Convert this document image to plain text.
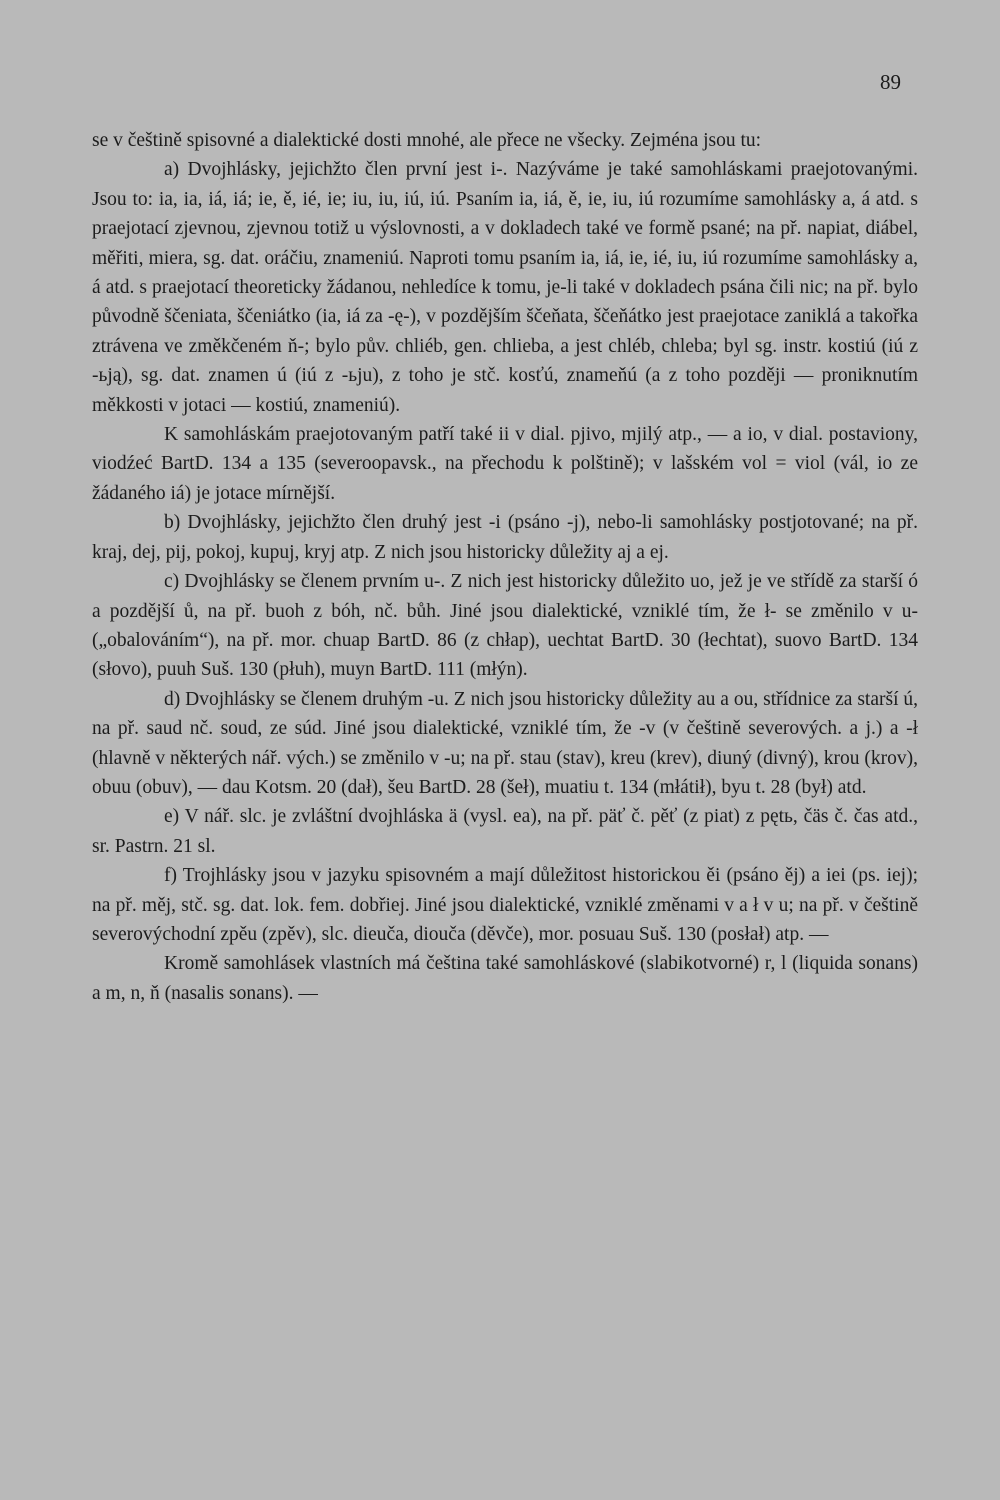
89

se v češtině spisovné a dialektické dosti mnohé, ale přece ne všecky. Zejména jsou tu:

a) Dvojhlásky, jejichžto člen první jest i-. Nazýváme je také samohláskami praejotovanými. Jsou to: ia, ia, iá, iá; ie, ě, ié, ie; iu, iu, iú, iú. Psaním ia, iá, ě, ie, iu, iú rozumíme samohlásky a, á atd. s praejotací zjevnou, zjevnou totiž u výslovnosti, a v dokladech také ve formě psané; na př. napiat, diábel, měřiti, miera, sg. dat. oráčiu, znameniú. Naproti tomu psaním ia, iá, ie, ié, iu, iú rozumíme samohlásky a, á atd. s praejotací theoreticky žádanou, nehledíce k tomu, je-li také v dokladech psána čili nic; na př. bylo původně ščeniata, ščeniátko (ia, iá za -ę-), v pozdějším ščeňata, ščeňátko jest praejotace zaniklá a takořka ztrávena ve změkčeném ň-; bylo pův. chliéb, gen. chlieba, a jest chléb, chleba; byl sg. instr. kostiú (iú z -ьją), sg. dat. znamen ú (iú z -ьju), z toho je stč. kosťú, znameňú (a z toho později — proniknutím měkkosti v jotaci — kostiú, znameniú).

K samohláskám praejotovaným patří také ii v dial. pjivo, mjilý atp., — a io, v dial. postaviony, viodźeć BartD. 134 a 135 (severoopavsk., na přechodu k polštině); v lašském vol = viol (vál, io ze žádaného iá) je jotace mírnější.

b) Dvojhlásky, jejichžto člen druhý jest -i (psáno -j), nebo-li samohlásky postjotované; na př. kraj, dej, pij, pokoj, kupuj, kryj atp. Z nich jsou historicky důležity aj a ej.

c) Dvojhlásky se členem prvním u-. Z nich jest historicky důležito uo, jež je ve střídě za starší ó a pozdější ů, na př. buoh z bóh, nč. bůh. Jiné jsou dialektické, vzniklé tím, že ł- se změnilo v u- („obalováním“), na př. mor. chuap BartD. 86 (z chłap), uechtat BartD. 30 (łechtat), suovo BartD. 134 (słovo), puuh Suš. 130 (płuh), muyn BartD. 111 (młýn).

d) Dvojhlásky se členem druhým -u. Z nich jsou historicky důležity au a ou, střídnice za starší ú, na př. saud nč. soud, ze súd. Jiné jsou dialektické, vzniklé tím, že -v (v češtině severových. a j.) a -ł (hlavně v některých nář. vých.) se změnilo v -u; na př. stau (stav), kreu (krev), diuný (divný), krou (krov), obuu (obuv), — dau Kotsm. 20 (dał), šeu BartD. 28 (šeł), muatiu t. 134 (młátił), byu t. 28 (był) atd.

e) V nář. slc. je zvláštní dvojhláska ä (vysl. ea), na př. päť č. pěť (z piat) z pętь, čäs č. čas atd., sr. Pastrn. 21 sl.

f) Trojhlásky jsou v jazyku spisovném a mají důležitost historickou ěi (psáno ěj) a iei (ps. iej); na př. měj, stč. sg. dat. lok. fem. dobřiej. Jiné jsou dialektické, vzniklé změnami v a ł v u; na př. v češtině severovýchodní zpěu (zpěv), slc. dieuča, diouča (děvče), mor. posuau Suš. 130 (posłał) atp. —

Kromě samohlásek vlastních má čeština také samohláskové (slabikotvorné) r, l (liquida sonans) a m, n, ň (nasalis sonans). —
